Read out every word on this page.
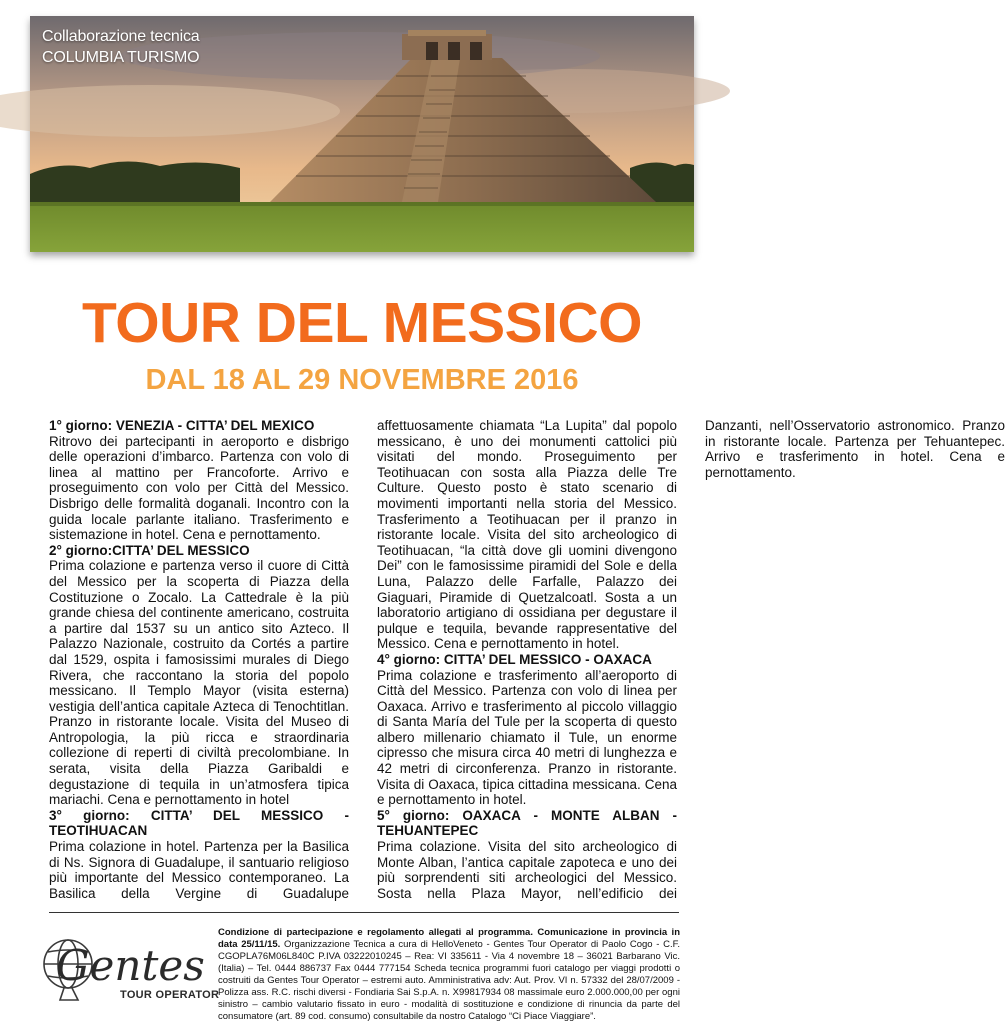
Collaborazione tecnica
COLUMBIA TURISMO
TOUR DEL MESSICO
DAL 18 AL 29 NOVEMBRE 2016
1° giorno: VENEZIA - CITTA’ DEL MEXICO

Ritrovo dei partecipanti in aeroporto e disbrigo delle operazioni d’imbarco. Partenza con volo di linea al mattino per Francoforte. Arrivo e proseguimento con volo per Città del Messico. Disbrigo delle formalità doganali. Incontro con la guida locale parlante italiano. Trasferimento e sistemazione in hotel. Cena e pernottamento.

2° giorno:CITTA’ DEL MESSICO

Prima colazione e partenza verso il cuore di Città del Messico per la scoperta di Piazza della Costituzione o Zocalo. La Cattedrale è la più grande chiesa del continente americano, costruita a partire dal 1537 su un antico sito Azteco. Il Palazzo Nazionale, costruito da Cortés a partire dal 1529, ospita i famosissimi murales di Diego Rivera, che raccontano la storia del popolo messicano. Il Templo Mayor (visita esterna) vestigia dell’antica capitale Azteca di Tenochtitlan. Pranzo in ristorante locale. Visita del Museo di Antropologia, la più ricca e straordinaria collezione di reperti di civiltà precolombiane. In serata, visita della Piazza Garibaldi e degustazione di tequila in un’atmosfera tipica mariachi. Cena e pernottamento in hotel

3° giorno: CITTA’ DEL MESSICO - TEOTIHUACAN

Prima colazione in hotel. Partenza per la Basilica di Ns. Signora di Guadalupe, il santuario religioso più importante del Messico contemporaneo. La Basilica della Vergine di Guadalupe affettuosamente chiamata “La Lupita” dal popolo messicano, è uno dei monumenti cattolici più visitati del mondo. Proseguimento per Teotihuacan con sosta alla Piazza delle Tre Culture. Questo posto è stato scenario di movimenti importanti nella storia del Messico. Trasferimento a Teotihuacan per il pranzo in ristorante locale. Visita del sito archeologico di Teotihuacan, “la città dove gli uomini divengono Dei” con le famosissime piramidi del Sole e della Luna, Palazzo delle Farfalle, Palazzo dei Giaguari, Piramide di Quetzalcoatl. Sosta a un laboratorio artigiano di ossidiana per degustare il pulque e tequila, bevande rappresentative del Messico. Cena e pernottamento in hotel.

4° giorno: CITTA’ DEL MESSICO - OAXACA

Prima colazione e trasferimento all’aeroporto di Città del Messico. Partenza con volo di linea per Oaxaca. Arrivo e trasferimento al piccolo villaggio di Santa María del Tule per la scoperta di questo albero millenario chiamato il Tule, un enorme cipresso che misura circa 40 metri di lunghezza e 42 metri di circonferenza. Pranzo in ristorante. Visita di Oaxaca, tipica cittadina messicana. Cena e pernottamento in hotel.

5° giorno: OAXACA - MONTE ALBAN - TEHUANTEPEC

Prima colazione. Visita del sito archeologico di Monte Alban, l’antica capitale zapoteca e uno dei più sorprendenti siti archeologici del Messico. Sosta nella Plaza Mayor, nell’edificio dei Danzanti, nell’Osservatorio astronomico. Pranzo in ristorante locale. Partenza per Tehuantepec. Arrivo e trasferimento in hotel. Cena e pernottamento.

Gentes
TOUR OPERATOR
Condizione di partecipazione e regolamento allegati al programma. Comunicazione in provincia in data 25/11/15. Organizzazione Tecnica a cura di HelloVeneto - Gentes Tour Operator di Paolo Cogo - C.F. CGOPLA76M06L840C P.IVA 03222010245 – Rea: VI 335611 - Via 4 novembre 18 – 36021 Barbarano Vic. (Italia) – Tel. 0444 886737 Fax 0444 777154 Scheda tecnica programmi fuori catalogo per viaggi prodotti o costruiti da Gentes Tour Operator – estremi auto. Amministrativa adv: Aut. Prov. VI n. 57332 del 28/07/2009 - Polizza ass. R.C. rischi diversi - Fondiaria Sai S.p.A. n. X99817934 08 massimale euro 2.000.000,00 per ogni sinistro – cambio valutario fissato in euro - modalità di sostituzione e condizione di rinuncia da parte del consumatore (art. 89 cod. consumo) consultabile da nostro Catalogo “Ci Piace Viaggiare”.
